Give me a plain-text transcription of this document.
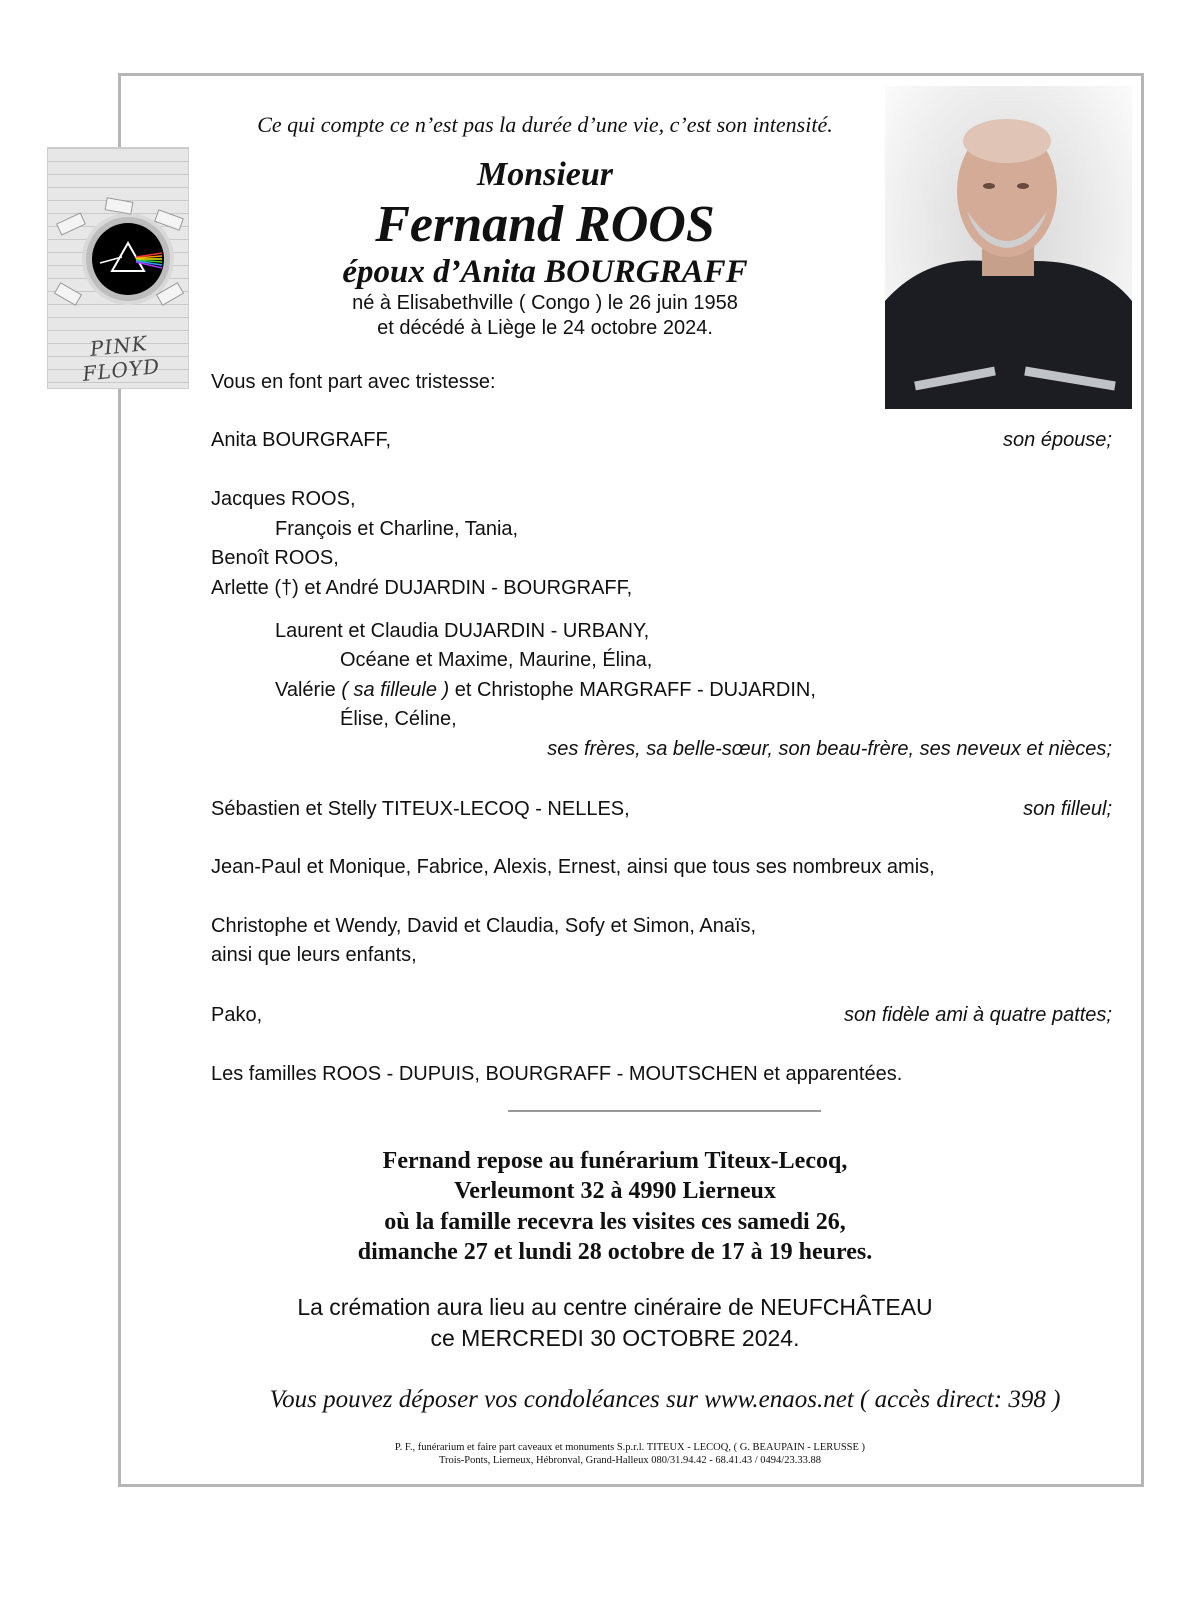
PINK FLOYD
Ce qui compte ce n’est pas la durée d’une vie, c’est son intensité.
Monsieur
Fernand ROOS
époux d’Anita BOURGRAFF
né à Elisabethville ( Congo ) le 26 juin 1958
et décédé à Liège le 24 octobre 2024.
Vous en font part avec tristesse:
Anita BOURGRAFF,	son épouse;
Jacques ROOS,
François et Charline, Tania,
Benoît ROOS,
Arlette (†) et André DUJARDIN - BOURGRAFF,
Laurent et Claudia DUJARDIN - URBANY,
Océane et Maxime, Maurine, Élina,
Valérie ( sa filleule ) et Christophe MARGRAFF - DUJARDIN,
Élise, Céline,
ses frères, sa belle-sœur, son beau-frère, ses neveux et nièces;
Sébastien et Stelly TITEUX-LECOQ - NELLES,	son filleul;
Jean-Paul et Monique, Fabrice, Alexis, Ernest, ainsi que tous ses nombreux amis,
Christophe et Wendy, David et Claudia, Sofy et Simon, Anaïs,
ainsi que leurs enfants,
Pako,	son fidèle ami à quatre pattes;
Les familles ROOS - DUPUIS, BOURGRAFF - MOUTSCHEN et apparentées.
Fernand repose au funérarium Titeux-Lecoq,
Verleumont 32 à 4990 Lierneux
où la famille recevra les visites ces samedi 26,
dimanche 27 et lundi 28 octobre de 17 à 19 heures.
La crémation aura lieu au centre cinéraire de NEUFCHÂTEAU
ce MERCREDI 30 OCTOBRE 2024.
Vous pouvez déposer vos condoléances sur www.enaos.net ( accès direct: 398 )
P. F., funérarium et faire part caveaux et monuments S.p.r.l. TITEUX - LECOQ, ( G. BEAUPAIN - LERUSSE )
Trois-Ponts, Lierneux, Hébronval, Grand-Halleux 080/31.94.42 - 68.41.43 / 0494/23.33.88
